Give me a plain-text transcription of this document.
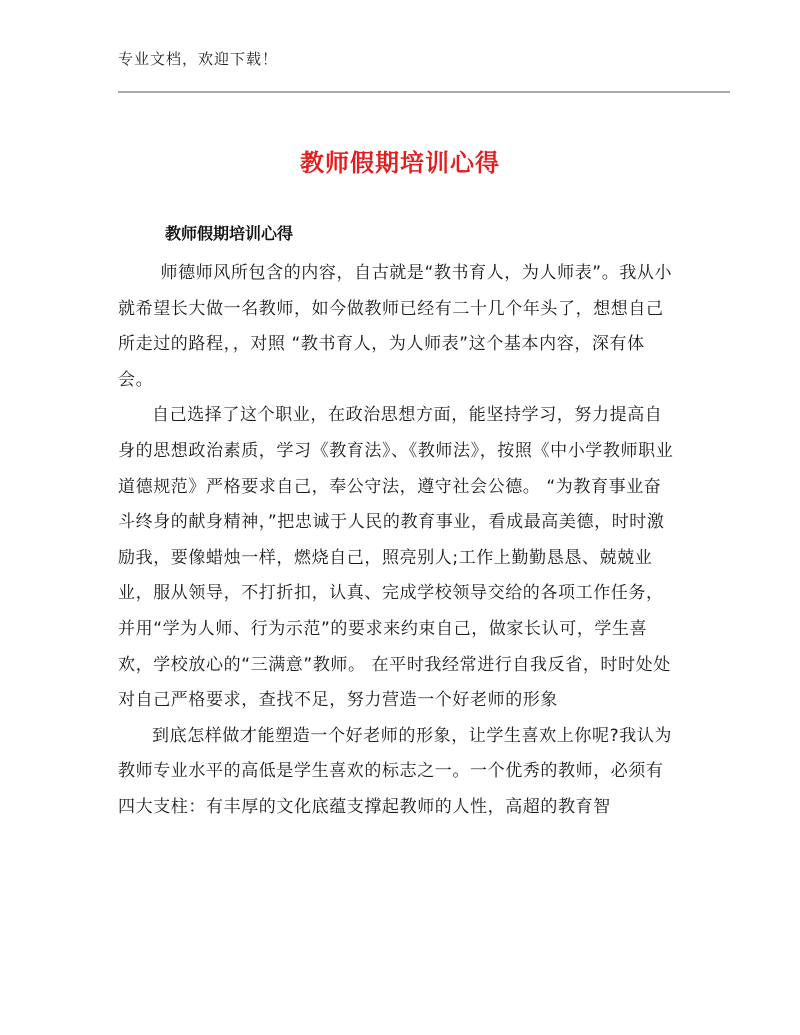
专业文档，欢迎下载！
教师假期培训心得
教师假期培训心得

师德师风所包含的内容，自古就是“教书育人，为人师表”。我从小就希望长大做一名教师，如今做教师已经有二十几个年头了，想想自己所走过的路程，，对照 “教书育人，为人师表”这个基本内容，深有体会。

自己选择了这个职业，在政治思想方面，能坚持学习，努力提高自身的思想政治素质，学习《教育法》、《教师法》，按照《中小学教师职业道德规范》严格要求自己，奉公守法，遵守社会公德。 “为教育事业奋斗终身的献身精神，”把忠诚于人民的教育事业，看成最高美德，时时激励我，要像蜡烛一样，燃烧自己，照亮别人;工作上勤勤恳恳、兢兢业业，服从领导，不打折扣，认真、完成学校领导交给的各项工作任务，并用“学为人师、行为示范”的要求来约束自己，做家长认可，学生喜欢，学校放心的“三满意”教师。 在平时我经常进行自我反省，时时处处对自己严格要求，查找不足，努力营造一个好老师的形象

到底怎样做才能塑造一个好老师的形象，让学生喜欢上你呢?我认为教师专业水平的高低是学生喜欢的标志之一。一个优秀的教师，必须有四大支柱：有丰厚的文化底蕴支撑起教师的人性，高超的教育智
